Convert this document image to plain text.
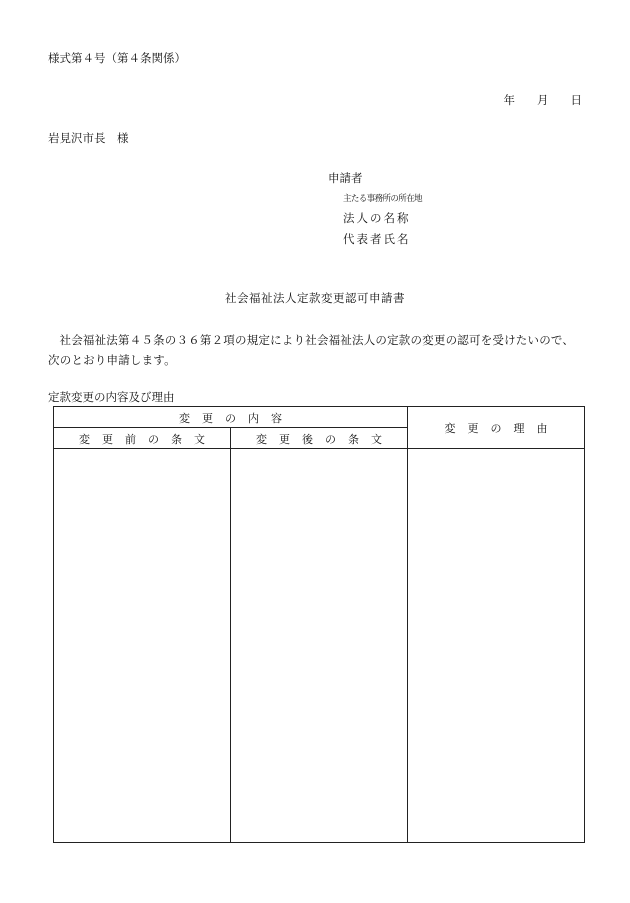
様式第４号（第４条関係）
年 月 日
岩見沢市長　様
申請者
主たる事務所の所在地
法人の名称
代表者氏名
社会福祉法人定款変更認可申請書
社会福祉法第４５条の３６第２項の規定により社会福祉法人の定款の変更の認可を受けたいので、次のとおり申請します。
定款変更の内容及び理由
変 更 の 内 容
変 更 前 の 条 文	変 更 後 の 条 文
変 更 の 理 由
